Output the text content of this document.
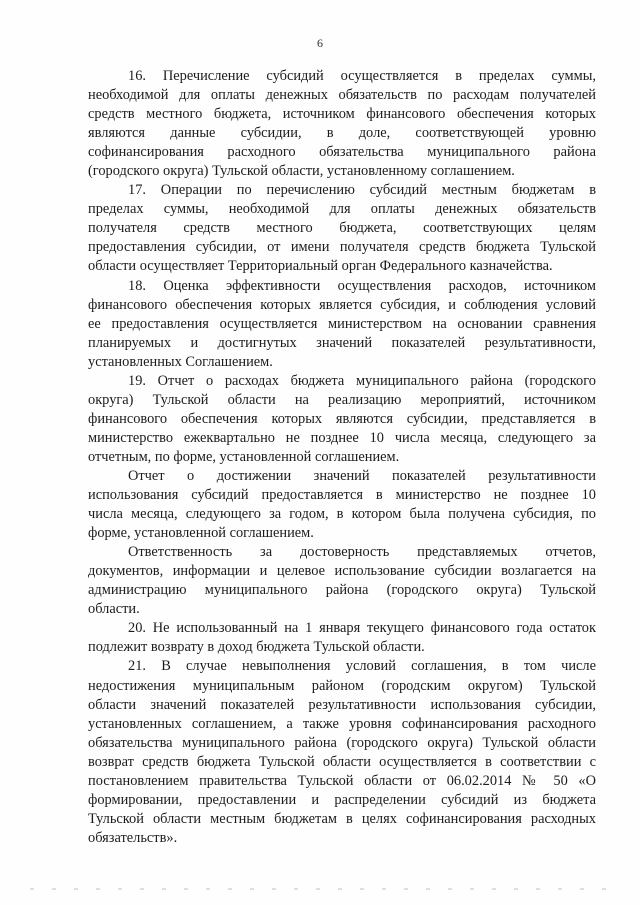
6
16. Перечисление субсидий осуществляется в пределах суммы,
необходимой для оплаты денежных обязательств по расходам получателей
средств местного бюджета, источником финансового обеспечения которых
являются данные субсидии, в доле, соответствующей уровню
софинансирования расходного обязательства муниципального района
(городского округа) Тульской области, установленному соглашением.
17. Операции по перечислению субсидий местным бюджетам в
пределах суммы, необходимой для оплаты денежных обязательств
получателя средств местного бюджета, соответствующих целям
предоставления субсидии, от имени получателя средств бюджета Тульской
области осуществляет Территориальный орган Федерального казначейства.
18. Оценка эффективности осуществления расходов, источником
финансового обеспечения которых является субсидия, и соблюдения условий
ее предоставления осуществляется министерством на основании сравнения
планируемых и достигнутых значений показателей результативности,
установленных Соглашением.
19. Отчет о расходах бюджета муниципального района (городского
округа) Тульской области на реализацию мероприятий, источником
финансового обеспечения которых являются субсидии, представляется в
министерство ежеквартально не позднее 10 числа месяца, следующего за
отчетным, по форме, установленной соглашением.
Отчет о достижении значений показателей результативности
использования субсидий предоставляется в министерство не позднее 10
числа месяца, следующего за годом, в котором была получена субсидия, по
форме, установленной соглашением.
Ответственность за достоверность представляемых отчетов,
документов, информации и целевое использование субсидии возлагается на
администрацию муниципального района (городского округа) Тульской
области.
20. Не использованный на 1 января текущего финансового года остаток
подлежит возврату в доход бюджета Тульской области.
21. В случае невыполнения условий соглашения, в том числе
недостижения муниципальным районом (городским округом) Тульской
области значений показателей результативности использования субсидии,
установленных соглашением, а также уровня софинансирования расходного
обязательства муниципального района (городского округа) Тульской области
возврат средств бюджета Тульской области осуществляется в соответствии с
постановлением правительства Тульской области от 06.02.2014 № 50 «О
формировании, предоставлении и распределении субсидий из бюджета
Тульской области местным бюджетам в целях софинансирования расходных
обязательств».
